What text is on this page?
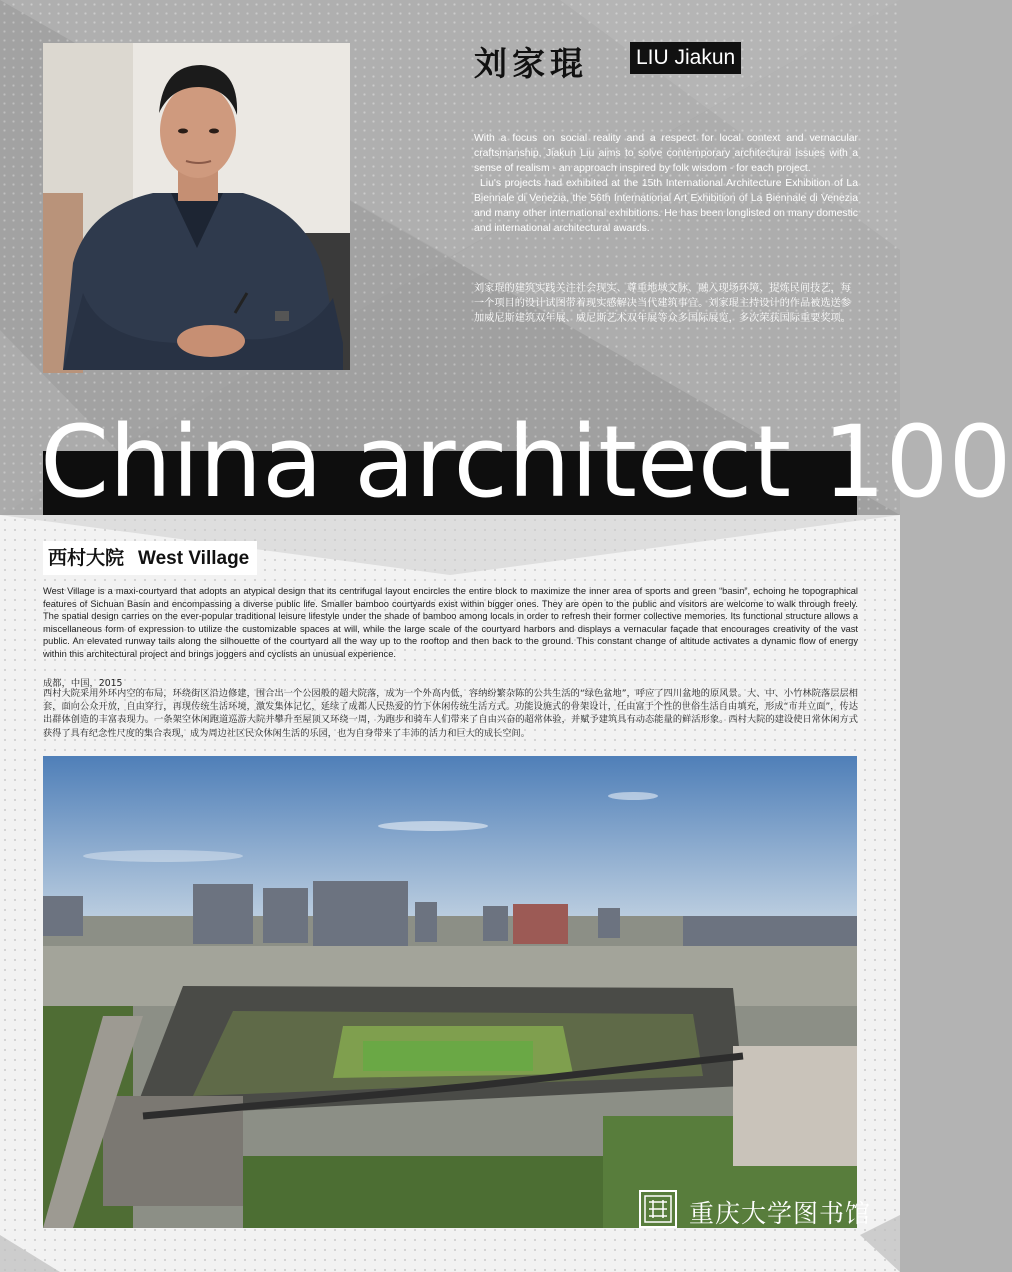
刘家琨 LIU Jiakun

With a focus on social reality and a respect for local context and vernacular craftsmanship, Jiakun Liu aims to solve contemporary architectural issues with a sense of realism - an approach inspired by folk wisdom - for each project.

Liu's projects had exhibited at the 15th International Architecture Exhibition of La Biennale di Venezia, the 56th International Art Exhibition of La Biennale di Venezia and many other international exhibitions. He has been longlisted on many domestic and international architectural awards.

刘家琨的建筑实践关注社会现实、尊重地域文脉、融入现场环境、提炼民间技艺，每一个项目的设计试图带着现实感解决当代建筑事宜。刘家琨主持设计的作品被选送参加威尼斯建筑双年展、威尼斯艺术双年展等众多国际展览，多次荣获国际重要奖项。

China architect 100
西村大院 West Village

West Village is a maxi-courtyard that adopts an atypical design that its centrifugal layout encircles the entire block to maximize the inner area of sports and green “basin”, echoing he topographical features of Sichuan Basin and encompassing a diverse public life. Smaller bamboo courtyards exist within bigger ones. They are open to the public and visitors are welcome to walk through freely. The spatial design carries on the ever-popular traditional leisure lifestyle under the shade of bamboo among locals in order to refresh their former collective memories. Its functional structure allows a miscellaneous form of expression to utilize the customizable spaces at will, while the large scale of the courtyard harbors and displays a vernacular façade that encourages creativity of the vast public. An elevated runway tails along the silhouette of the courtyard all the way up to the rooftop and then back to the ground. This constant change of altitude activates a dynamic flow of energy within this architectural project and brings joggers and cyclists an unusual experience.

成都，中国，2015

西村大院采用外环内空的布局，环绕街区沿边修建，围合出一个公园般的超大院落，成为一个外高内低，容纳纷繁杂陈的公共生活的“绿色盆地”，呼应了四川盆地的原风景。大、中、小竹林院落层层相套，面向公众开放，自由穿行，再现传统生活环境，激发集体记忆，延续了成都人民热爱的竹下休闲传统生活方式。功能设施式的骨架设计，任由富于个性的世俗生活自由填充，形成“市井立面”，传达出群体创造的丰富表现力。一条架空休闲跑道巡游大院并攀升至屋顶又环绕一周，为跑步和骑车人们带来了自由兴奋的超常体验，并赋予建筑具有动态能量的鲜活形象。西村大院的建设使日常休闲方式获得了具有纪念性尺度的集合表现，成为周边社区民众休闲生活的乐园，也为自身带来了丰沛的活力和巨大的成长空间。

重庆大学图书馆
